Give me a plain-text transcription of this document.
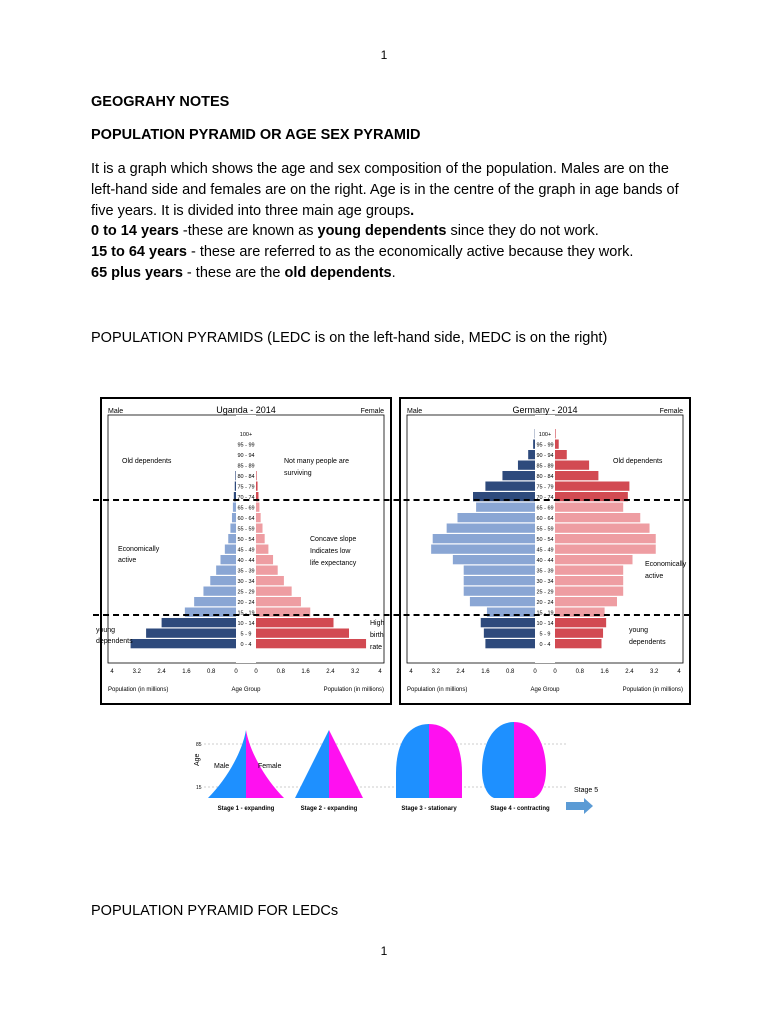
1
GEOGRAHY NOTES
POPULATION PYRAMID OR AGE SEX PYRAMID

It is a graph which shows the age and sex composition of the population. Males are on the left-hand side and females are on the right. Age is in the centre of the graph in age bands of five years. It is divided into three main age groups.

0 to 14 years -these are known as young dependents since they do not work.

15 to 64 years - these are referred to as the economically active because they work.

65 plus years - these are the old dependents.

POPULATION PYRAMIDS (LEDC is on the left-hand side, MEDC is on the right)
Male	Uganda - 2014	Female
100+
95 - 99
90 - 94
85 - 89
80 - 84
75 - 79
70 - 74
65 - 69
60 - 64
55 - 59
50 - 54
45 - 49
40 - 44
35 - 39
30 - 34
25 - 29
20 - 24
15 - 19
10 - 14
5 - 9
0 - 4
4	3.2	2.4	1.6	0.8	0	0	0.8	1.6	2.4	3.2	4
Population (in millions)	Age Group	Population (in millions)
Old dependents	Not many people are
surviving
Economically
active
Concave slope
Indicates low
life expectancy
High
birth
rate
young
dependents
Male	Germany - 2014	Female
100+
95 - 99
90 - 94
85 - 89
80 - 84
75 - 79
70 - 74
65 - 69
60 - 64
55 - 59
50 - 54
45 - 49
40 - 44
35 - 39
30 - 34
25 - 29
20 - 24
15 - 19
10 - 14
5 - 9
0 - 4
4	3.2	2.4	1.6	0.8	0	0	0.8	1.6	2.4	3.2	4
Population (in millions)	Age Group	Population (in millions)
Old dependents
Economically
active
young
dependents
Age
85
15
Male	Female
Stage 5
Stage 1 - expanding	Stage 2 - expanding	Stage 3 - stationary	Stage 4 - contracting
POPULATION PYRAMID FOR LEDCs
1
